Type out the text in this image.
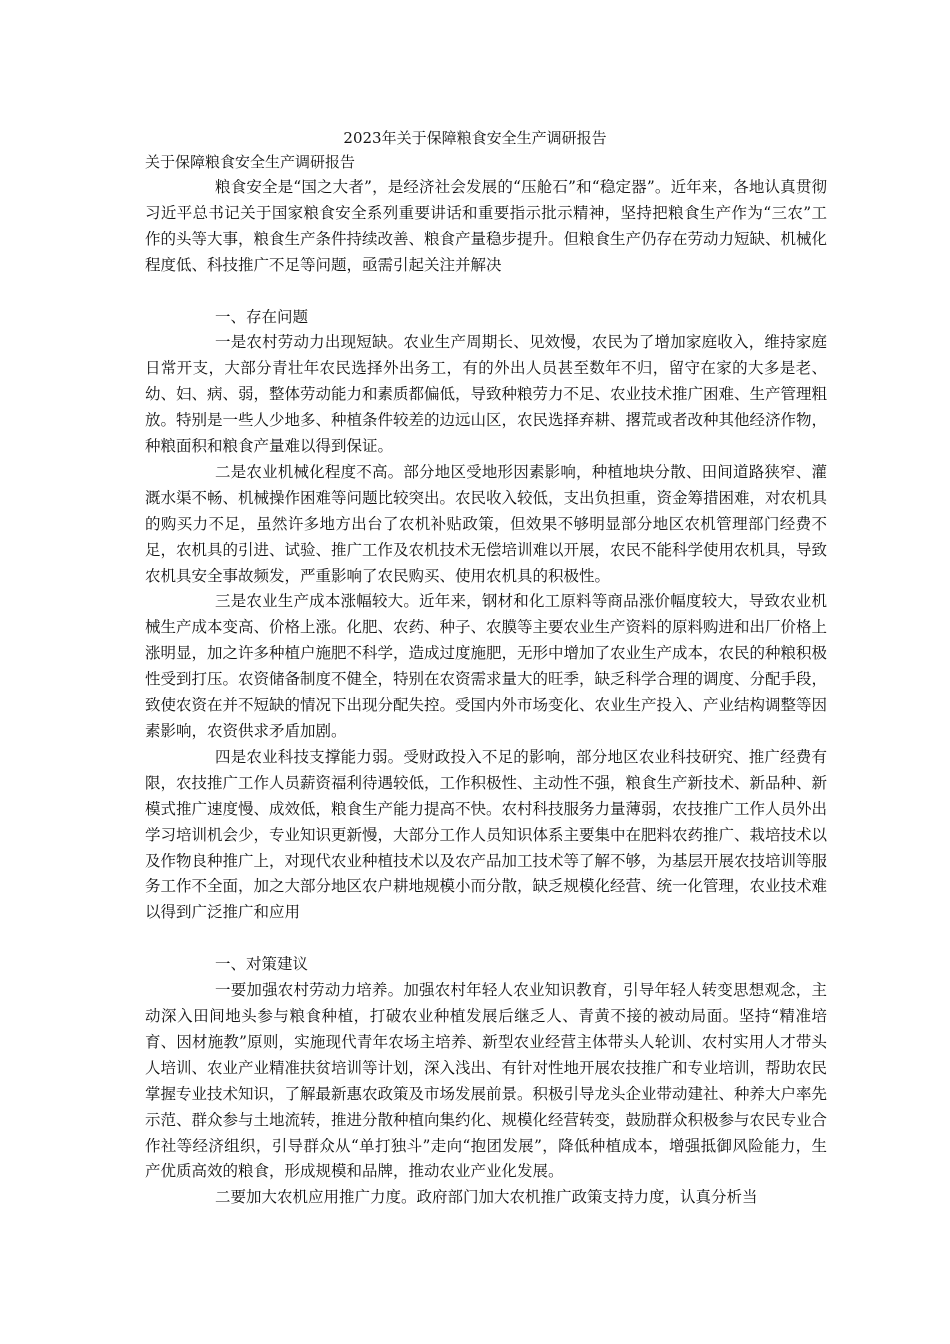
2023年关于保障粮食安全生产调研报告
关于保障粮食安全生产调研报告

粮食安全是“国之大者”，是经济社会发展的“压舱石”和“稳定器”。近年来，各地认真贯彻习近平总书记关于国家粮食安全系列重要讲话和重要指示批示精神，坚持把粮食生产作为“三农”工作的头等大事，粮食生产条件持续改善、粮食产量稳步提升。但粮食生产仍存在劳动力短缺、机械化程度低、科技推广不足等问题，亟需引起关注并解决

一、存在问题

一是农村劳动力出现短缺。农业生产周期长、见效慢，农民为了增加家庭收入，维持家庭日常开支，大部分青壮年农民选择外出务工，有的外出人员甚至数年不归，留守在家的大多是老、幼、妇、病、弱，整体劳动能力和素质都偏低，导致种粮劳力不足、农业技术推广困难、生产管理粗放。特别是一些人少地多、种植条件较差的边远山区，农民选择弃耕、撂荒或者改种其他经济作物，种粮面积和粮食产量难以得到保证。

二是农业机械化程度不高。部分地区受地形因素影响，种植地块分散、田间道路狭窄、灌溉水渠不畅、机械操作困难等问题比较突出。农民收入较低，支出负担重，资金筹措困难，对农机具的购买力不足，虽然许多地方出台了农机补贴政策，但效果不够明显部分地区农机管理部门经费不足，农机具的引进、试验、推广工作及农机技术无偿培训难以开展，农民不能科学使用农机具，导致农机具安全事故频发，严重影响了农民购买、使用农机具的积极性。

三是农业生产成本涨幅较大。近年来，钢材和化工原料等商品涨价幅度较大，导致农业机械生产成本变高、价格上涨。化肥、农药、种子、农膜等主要农业生产资料的原料购进和出厂价格上涨明显，加之许多种植户施肥不科学，造成过度施肥，无形中增加了农业生产成本，农民的种粮积极性受到打压。农资储备制度不健全，特别在农资需求量大的旺季，缺乏科学合理的调度、分配手段，致使农资在并不短缺的情况下出现分配失控。受国内外市场变化、农业生产投入、产业结构调整等因素影响，农资供求矛盾加剧。

四是农业科技支撑能力弱。受财政投入不足的影响，部分地区农业科技研究、推广经费有限，农技推广工作人员薪资福利待遇较低，工作积极性、主动性不强，粮食生产新技术、新品种、新模式推广速度慢、成效低，粮食生产能力提高不快。农村科技服务力量薄弱，农技推广工作人员外出学习培训机会少，专业知识更新慢，大部分工作人员知识体系主要集中在肥料农药推广、栽培技术以及作物良种推广上，对现代农业种植技术以及农产品加工技术等了解不够，为基层开展农技培训等服务工作不全面，加之大部分地区农户耕地规模小而分散，缺乏规模化经营、统一化管理，农业技术难以得到广泛推广和应用

一、对策建议

一要加强农村劳动力培养。加强农村年轻人农业知识教育，引导年轻人转变思想观念，主动深入田间地头参与粮食种植，打破农业种植发展后继乏人、青黄不接的被动局面。坚持“精准培育、因材施教”原则，实施现代青年农场主培养、新型农业经营主体带头人轮训、农村实用人才带头人培训、农业产业精准扶贫培训等计划，深入浅出、有针对性地开展农技推广和专业培训，帮助农民掌握专业技术知识，了解最新惠农政策及市场发展前景。积极引导龙头企业带动建社、种养大户率先示范、群众参与土地流转，推进分散种植向集约化、规模化经营转变，鼓励群众积极参与农民专业合作社等经济组织，引导群众从“单打独斗”走向“抱团发展”，降低种植成本，增强抵御风险能力，生产优质高效的粮食，形成规模和品牌，推动农业产业化发展。

二要加大农机应用推广力度。政府部门加大农机推广政策支持力度，认真分析当
